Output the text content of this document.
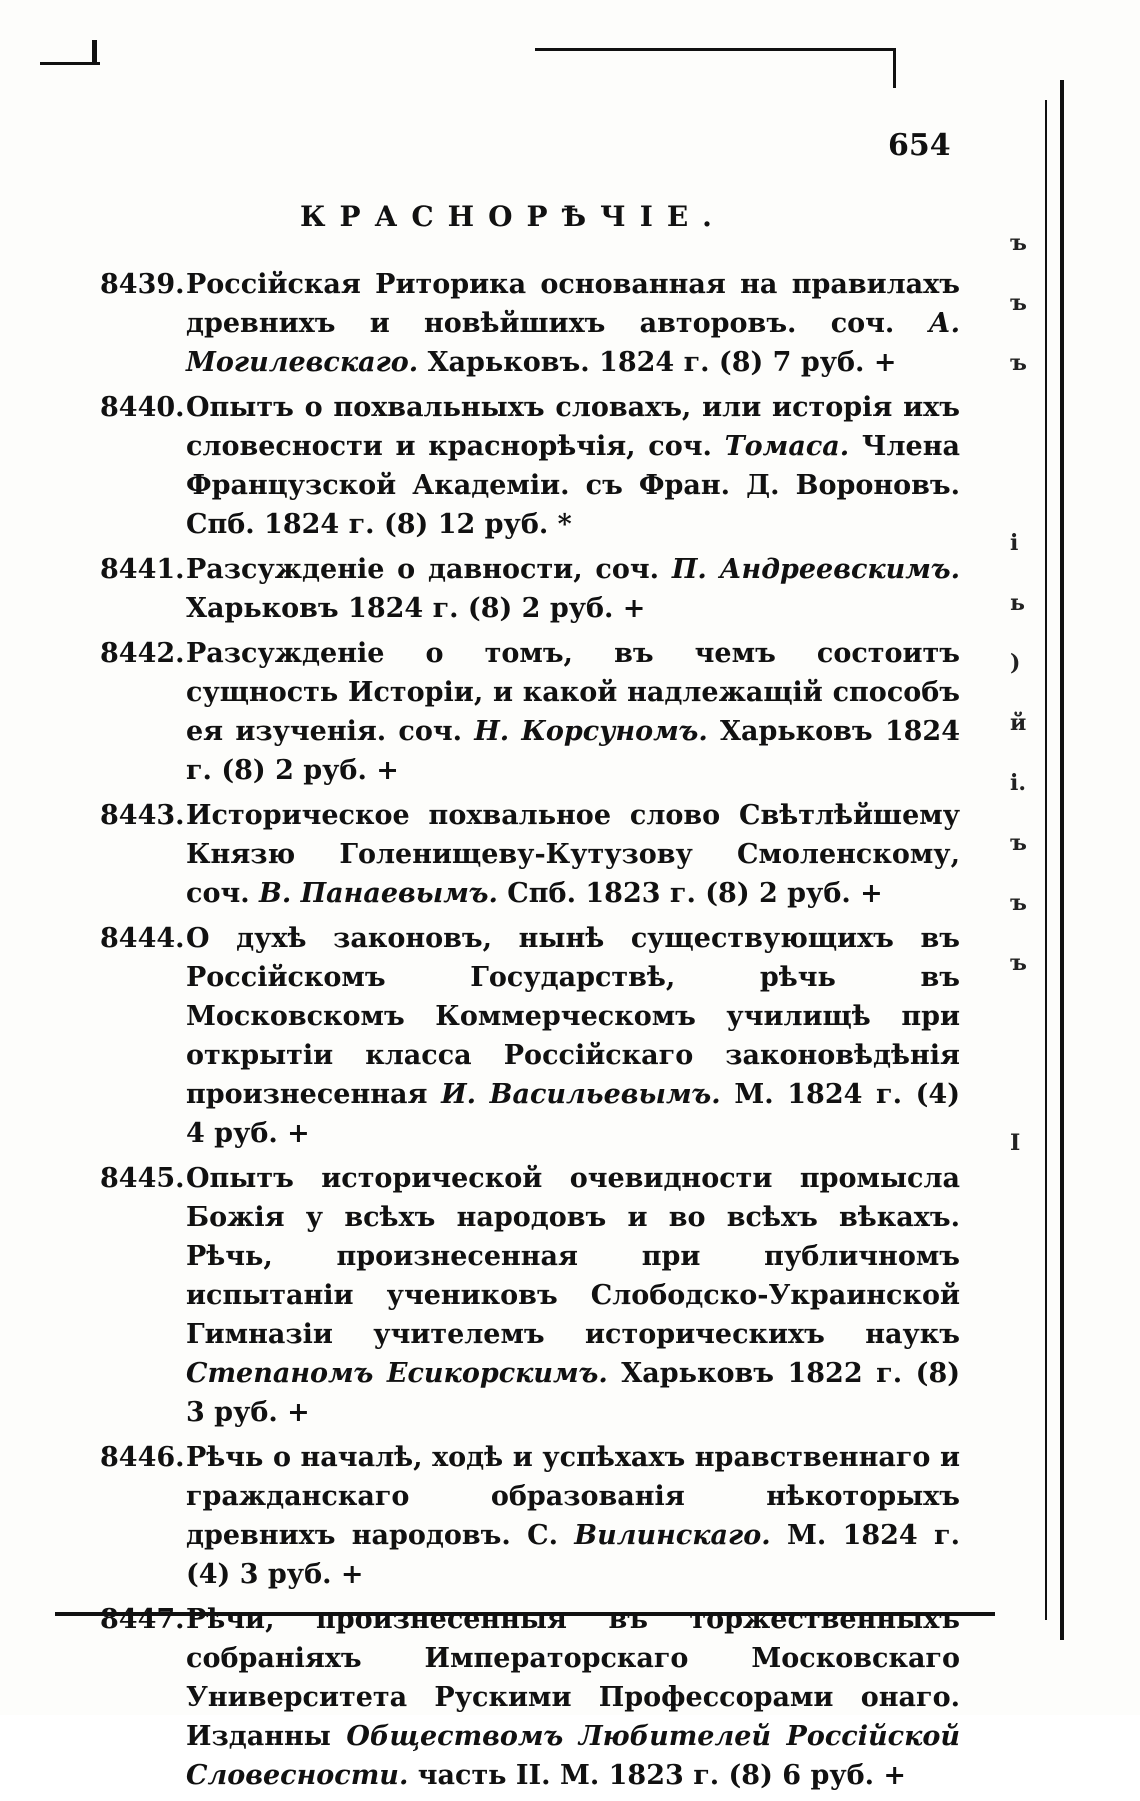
654
КРАСНОРѢЧІЕ.
8439. Россійская Риторика основанная на правилахъ древнихъ и новѣйшихъ авторовъ. соч. А. Могилевскаго. Харьковъ. 1824 г. (8) 7 руб. +
8440. Опытъ о похвальныхъ словахъ, или исторія ихъ словесности и краснорѣчія, соч. Томаса. Члена Французской Академіи. съ Фран. Д. Вороновъ. Спб. 1824 г. (8) 12 руб. *
8441. Разсужденіе о давности, соч. П. Андреевскимъ. Харьковъ 1824 г. (8) 2 руб. +
8442. Разсужденіе о томъ, въ чемъ состоитъ сущность Исторіи, и какой надлежащій способъ ея изученія. соч. Н. Корсуномъ. Харьковъ 1824 г. (8) 2 руб. +
8443. Историческое похвальное слово Свѣтлѣйшему Князю Голенищеву-Кутузову Смоленскому, соч. В. Панаевымъ. Спб. 1823 г. (8) 2 руб. +
8444. О духѣ законовъ, нынѣ существующихъ въ Россійскомъ Государствѣ, рѣчь въ Московскомъ Коммерческомъ училищѣ при открытіи класса Россійскаго законовѣдѣнія произнесенная И. Васильевымъ. М. 1824 г. (4) 4 руб. +
8445. Опытъ исторической очевидности промысла Божія у всѣхъ народовъ и во всѣхъ вѣкахъ. Рѣчь, произнесенная при публичномъ испытаніи учениковъ Слободско-Украинской Гимназіи учителемъ историческихъ наукъ Степаномъ Есикорскимъ. Харьковъ 1822 г. (8) 3 руб. +
8446. Рѣчь о началѣ, ходѣ и успѣхахъ нравственнаго и гражданскаго образованія нѣкоторыхъ древнихъ народовъ. С. Вилинскаго. М. 1824 г. (4) 3 руб. +
8447. Рѣчи, произнесенныя въ торжественныхъ собраніяхъ Императорскаго Московскаго Университета Рускими Профессорами онаго. Изданны Обществомъ Любителей Россійской Словесности. часть II. М. 1823 г. (8) 6 руб. +
ъ
ъ
ъ
і
ь
)
й
і.
ъ
ъ
ъ
І
